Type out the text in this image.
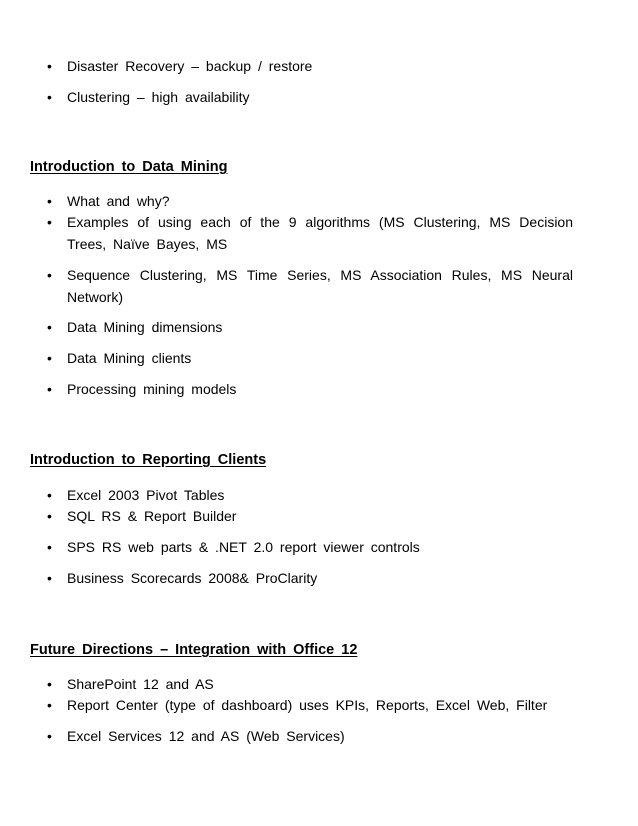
•	Disaster Recovery – backup / restore
•	Clustering – high availability
Introduction to Data Mining
•	What and why?
•	Examples of using each of the 9 algorithms (MS Clustering, MS Decision Trees, Naïve Bayes, MS
•	Sequence Clustering, MS Time Series, MS Association Rules, MS Neural Network)
•	Data Mining dimensions
•	Data Mining clients
•	Processing mining models
Introduction to Reporting Clients
•	Excel 2003 Pivot Tables
•	SQL RS & Report Builder
•	SPS RS web parts & .NET 2.0 report viewer controls
•	Business Scorecards 2008& ProClarity
Future Directions – Integration with Office 12
•	SharePoint 12 and AS
•	Report Center (type of dashboard) uses KPIs, Reports, Excel Web, Filter
•	Excel Services 12 and AS (Web Services)
